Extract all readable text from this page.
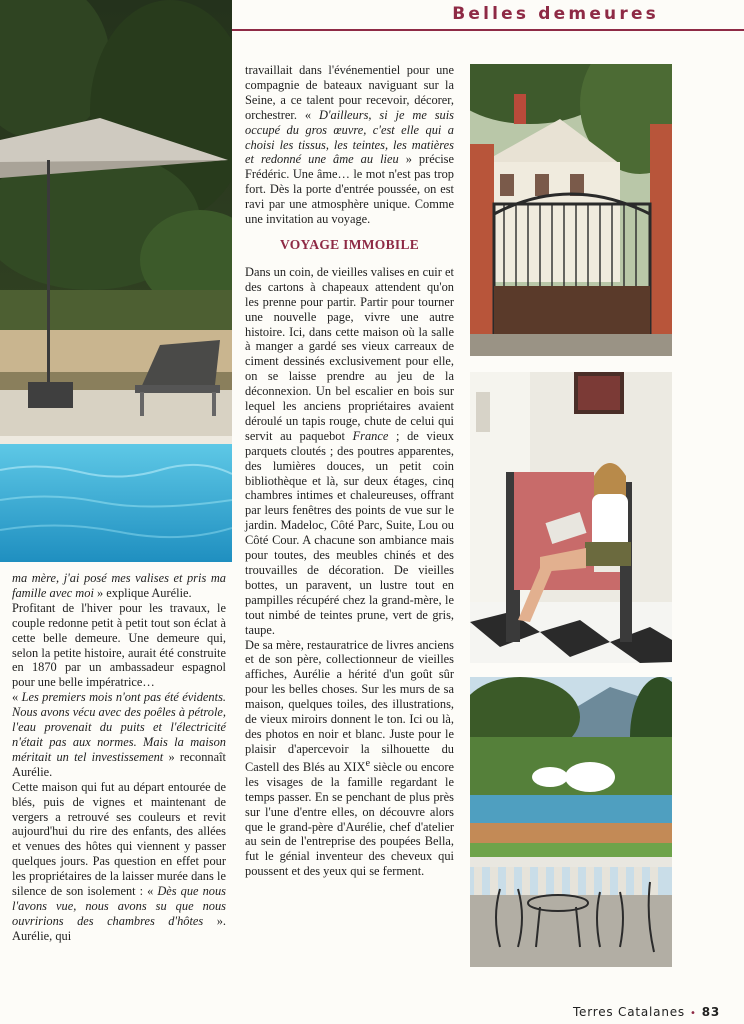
Belles demeures

ma mère, j'ai posé mes valises et pris ma famille avec moi » explique Aurélie.

Profitant de l'hiver pour les travaux, le couple redonne petit à petit tout son éclat à cette belle demeure. Une demeure qui, selon la petite histoire, aurait été construite en 1870 par un ambassadeur espagnol pour une belle impératrice…

« Les premiers mois n'ont pas été évidents. Nous avons vécu avec des poêles à pétrole, l'eau provenait du puits et l'électricité n'était pas aux normes. Mais la maison méritait un tel investissement » reconnaît Aurélie.

Cette maison qui fut au départ entourée de blés, puis de vignes et maintenant de vergers a retrouvé ses couleurs et revit aujourd'hui du rire des enfants, des allées et venues des hôtes qui viennent y passer quelques jours. Pas question en effet pour les propriétaires de la laisser murée dans le silence de son isolement : « Dès que nous l'avons vue, nous avons su que nous ouvririons des chambres d'hôtes ». Aurélie, qui

travaillait dans l'événementiel pour une compagnie de bateaux naviguant sur la Seine, a ce talent pour recevoir, décorer, orchestrer. « D'ailleurs, si je me suis occupé du gros œuvre, c'est elle qui a choisi les tissus, les teintes, les matières et redonné une âme au lieu » précise Frédéric. Une âme… le mot n'est pas trop fort. Dès la porte d'entrée poussée, on est ravi par une atmosphère unique. Comme une invitation au voyage.

VOYAGE IMMOBILE

Dans un coin, de vieilles valises en cuir et des cartons à chapeaux attendent qu'on les prenne pour partir. Partir pour tourner une nouvelle page, vivre une autre histoire. Ici, dans cette maison où la salle à manger a gardé ses vieux carreaux de ciment dessinés exclusivement pour elle, on se laisse prendre au jeu de la déconnexion. Un bel escalier en bois sur lequel les anciens propriétaires avaient déroulé un tapis rouge, chute de celui qui servit au paquebot France ; de vieux parquets cloutés ; des poutres apparentes, des lumières douces, un petit coin bibliothèque et là, sur deux étages, cinq chambres intimes et chaleureuses, offrant par leurs fenêtres des points de vue sur le jardin. Madeloc, Côté Parc, Suite, Lou ou Côté Cour. A chacune son ambiance mais pour toutes, des meubles chinés et des trouvailles de décoration. De vieilles bottes, un paravent, un lustre tout en pampilles récupéré chez la grand-mère, le tout nimbé de teintes prune, vert de gris, taupe.

De sa mère, restauratrice de livres anciens et de son père, collectionneur de vieilles affiches, Aurélie a hérité d'un goût sûr pour les belles choses. Sur les murs de sa maison, quelques toiles, des illustrations, de vieux miroirs donnent le ton. Ici ou là, des photos en noir et blanc. Juste pour le plaisir d'apercevoir la silhouette du Castell des Blés au XIXe siècle ou encore les visages de la famille regardant le temps passer. En se penchant de plus près sur l'une d'entre elles, on découvre alors que le grand-père d'Aurélie, chef d'atelier au sein de l'entreprise des poupées Bella, fut le génial inventeur des cheveux qui poussent et des yeux qui se ferment.

Terres Catalanes • 83
